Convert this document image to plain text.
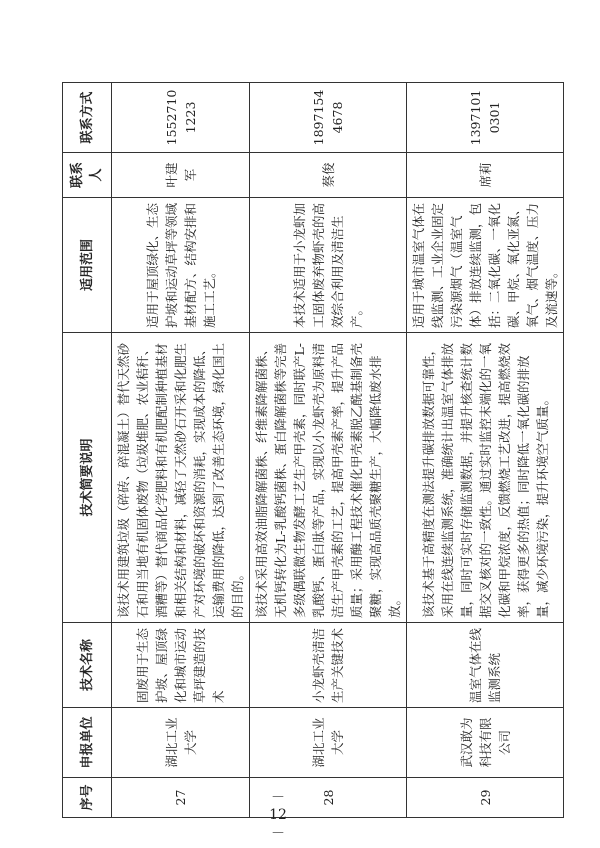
序号	申报单位	技术名称	技术简要说明	适用范围	联系人	联系方式
27	湖北工业大学	固废用于生态护坡、屋顶绿化和城市运动草坪建造的技术	该技术用建筑垃圾（碎砖、碎混凝土）替代天然砂石和用当地有机固体废物（垃圾堆肥、农业秸秆、酒糟等）替代商品化学肥料和有机肥配制种植基材和相关结构和材料，减轻了天然砂石开采和化肥生产对环境的破坏和资源的消耗，实现成本的降低、运输费用的降低，达到了改善生态环境，绿化国土的目的。	适用于屋顶绿化、生态护坡和运动草坪等领域基材配方、结构安排和施工工艺。	叶建军	15527101223
28	湖北工业大学	小龙虾壳清洁生产关键技术	该技术采用高效油脂降解菌株、纤维素降解菌株、无机钙转化为L-乳酸钙菌株、蛋白降解菌株等完善多级偶联微生物发酵工艺生产甲壳素，同时联产L-乳酸钙、蛋白肽等产品，实现以小龙虾壳为原料清洁生产甲壳素的工艺，提高甲壳素产率，提升产品质量；采用酶工程技术催化甲壳素脱乙酰基制备壳聚糖，实现高品质壳聚糖生产，大幅降低废水排放。	本技术适用于小龙虾加工固体废弃物虾壳的高效综合利用及清洁生产。	蔡俊	18971544678
29	武汉敢为科技有限公司	温室气体在线监测系统	该技术基于高精度在测法提升碳排放数据可靠性，采用在线连续监测系统，准确统计出温室气体排放量，同时可实时存储监测数据，并提升核查统计数据交叉核对的一致性。通过实时监控末端化的一氧化碳和甲烷浓度，反馈燃烧工艺改进，提高燃烧效率，获得更多的热值；同时降低一氧化碳的排放量，减少环境污染，提升环境空气质量。	适用于城市温室气体在线监测、工业企业固定污染源烟气（温室气体）排放连续监测，包括：二氧化碳、一氧化碳、甲烷、氧化亚氮、氧气、烟气温度、压力及流速等。	席莉	13971010301
－ 12 －
